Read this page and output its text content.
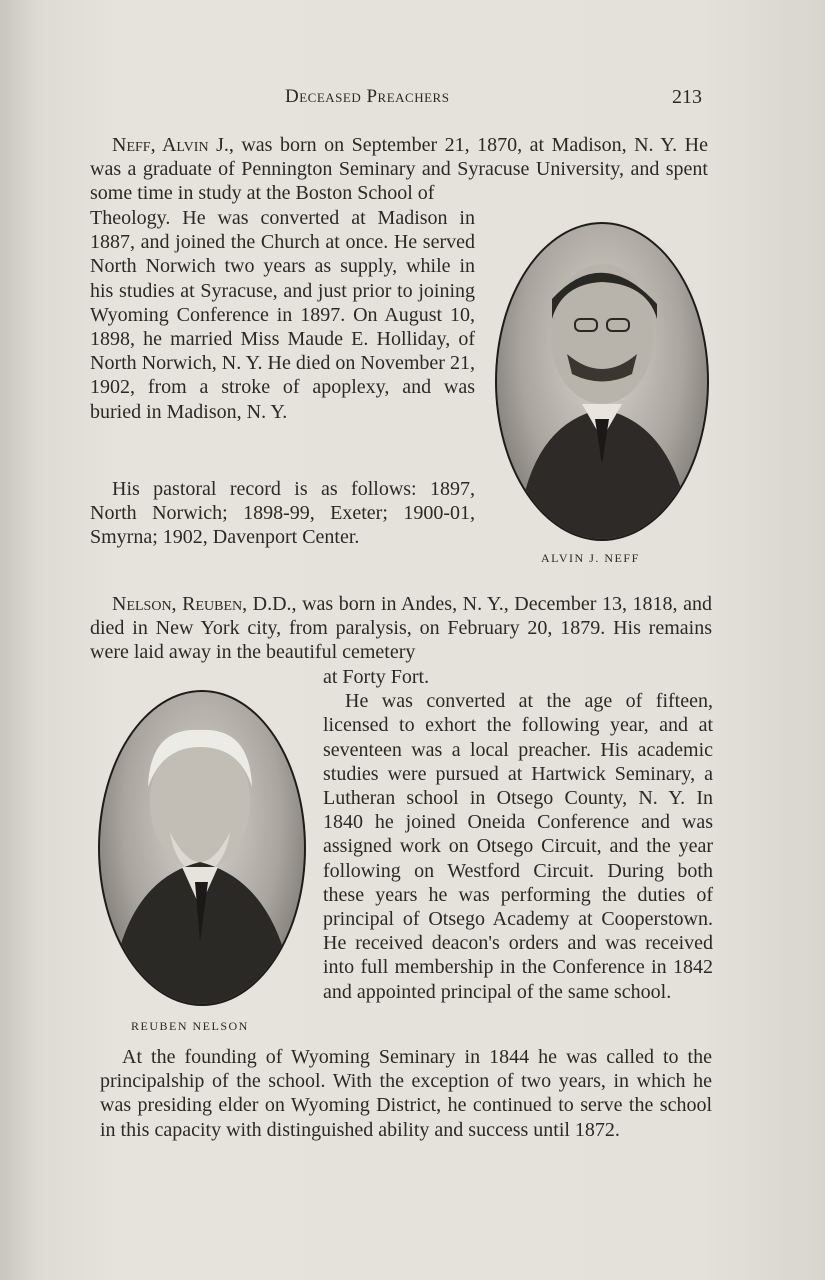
Deceased Preachers	213
Neff, Alvin J., was born on September 21, 1870, at Madison, N. Y. He was a graduate of Pennington Seminary and Syracuse University, and spent some time in study at the Boston School of
Theology. He was converted at Madison in 1887, and joined the Church at once. He served North Norwich two years as supply, while in his studies at Syracuse, and just prior to joining Wyoming Conference in 1897. On August 10, 1898, he married Miss Maude E. Holliday, of North Norwich, N. Y. He died on November 21, 1902, from a stroke of apoplexy, and was buried in Madison, N. Y.
His pastoral record is as follows: 1897, North Norwich; 1898-99, Exeter; 1900-01, Smyrna; 1902, Davenport Center.
ALVIN J. NEFF
Nelson, Reuben, D.D., was born in Andes, N. Y., December 13, 1818, and died in New York city, from paralysis, on February 20, 1879. His remains were laid away in the beautiful cemetery
at Forty Fort.
He was converted at the age of fifteen, licensed to exhort the following year, and at seventeen was a local preacher. His academic studies were pursued at Hartwick Seminary, a Lutheran school in Otsego County, N. Y. In 1840 he joined Oneida Conference and was assigned work on Otsego Circuit, and the year following on Westford Circuit. During both these years he was performing the duties of principal of Otsego Academy at Cooperstown. He received deacon's orders and was received into full membership in the Conference in 1842 and appointed principal of the same school.
At the founding of Wyoming Seminary in 1844 he was called to the principalship of the school. With the exception of two years, in which he was presiding elder on Wyoming District, he continued to serve the school in this capacity with distinguished ability and success until 1872.
REUBEN NELSON
